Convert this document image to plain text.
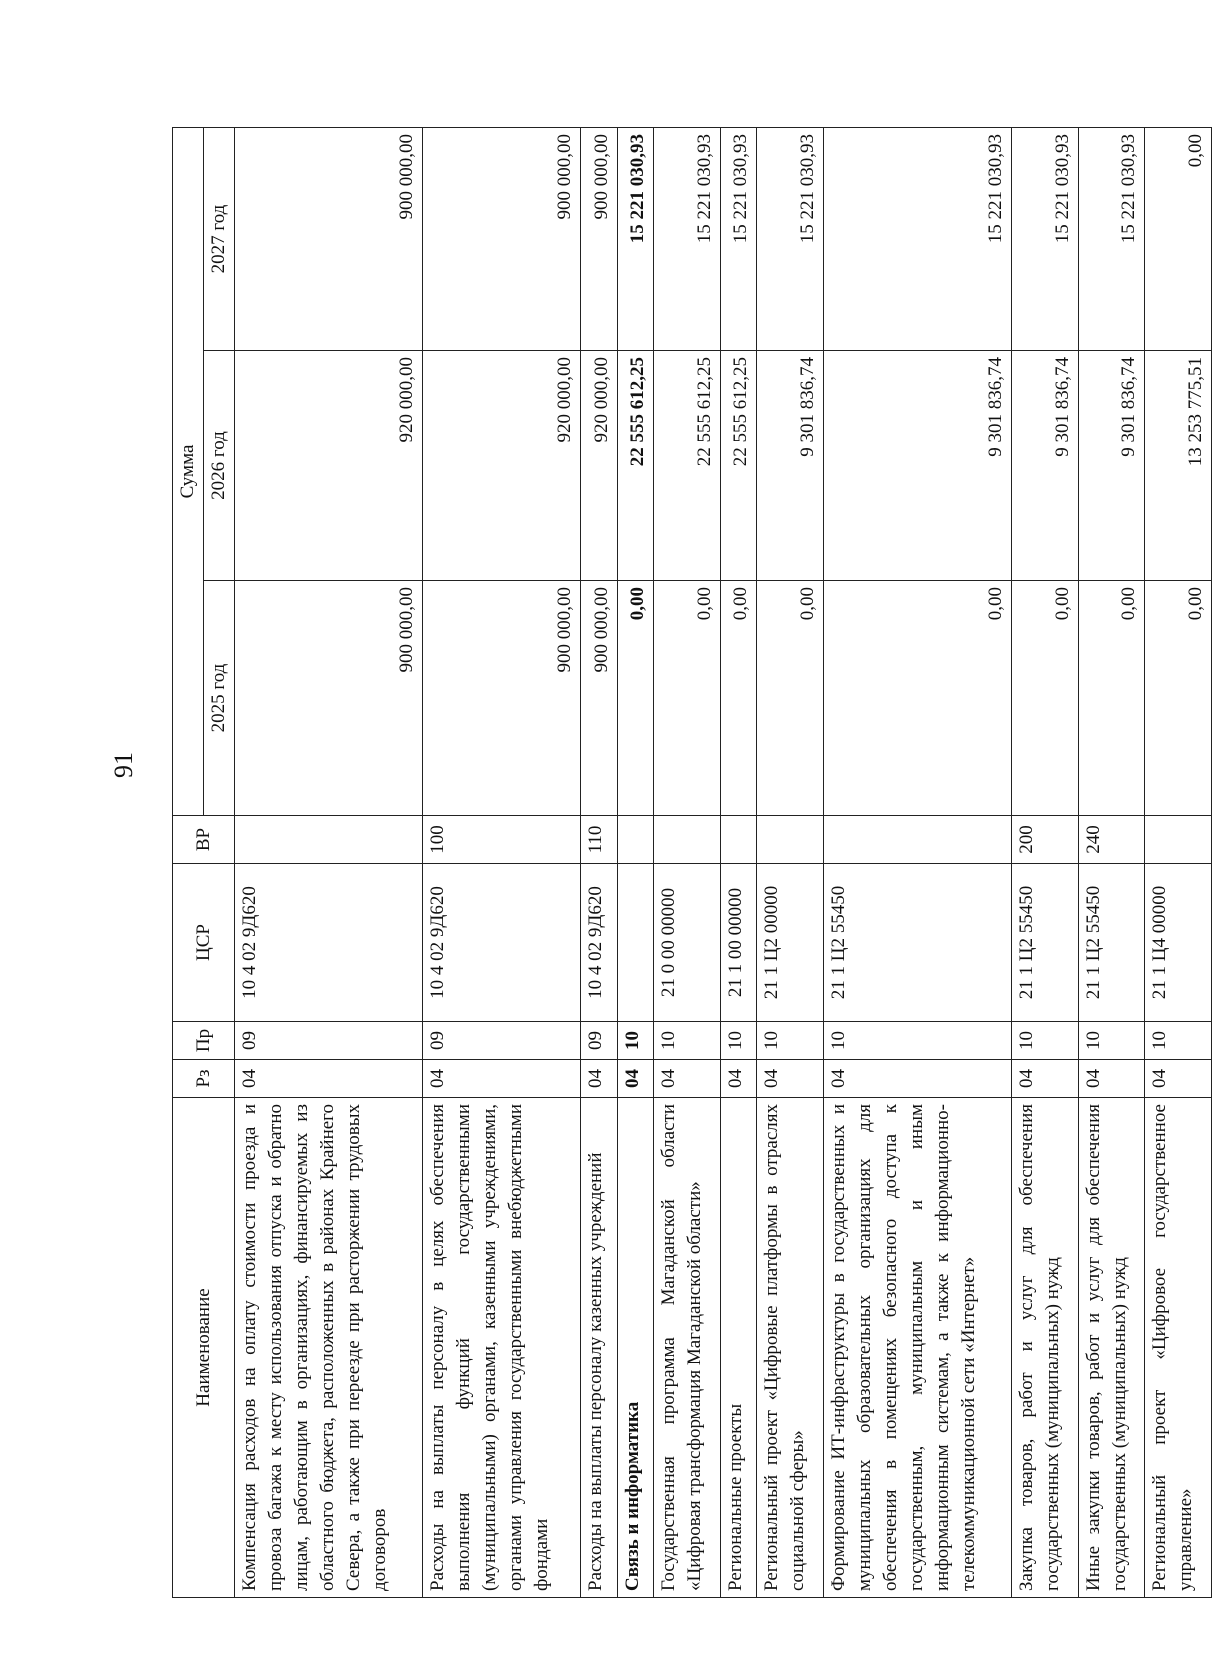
91
Наименование	Рз	Пр	ЦСР	ВР	Сумма		
					2025 год	2026 год	2027 год
Компенсация расходов на оплату стоимости проезда и провоза багажа к месту использования отпуска и обратно лицам, работающим в организациях, финансируемых из областного бюджета, расположенных в районах Крайнего Севера, а также при переезде при расторжении трудовых договоров	04	09	10 4 02 9Д620		900 000,00	920 000,00	900 000,00
Расходы на выплаты персоналу в целях обеспечения выполнения функций государственными (муниципальными) органами, казенными учреждениями, органами управления государственными внебюджетными фондами	04	09	10 4 02 9Д620	100	900 000,00	920 000,00	900 000,00
Расходы на выплаты персоналу казенных учреждений	04	09	10 4 02 9Д620	110	900 000,00	920 000,00	900 000,00
Связь и информатика	04	10			0,00	22 555 612,25	15 221 030,93
Государственная программа Магаданской области «Цифровая трансформация Магаданской области»	04	10	21 0 00 00000		0,00	22 555 612,25	15 221 030,93
Региональные проекты	04	10	21 1 00 00000		0,00	22 555 612,25	15 221 030,93
Региональный проект «Цифровые платформы в отраслях социальной сферы»	04	10	21 1 Ц2 00000		0,00	9 301 836,74	15 221 030,93
Формирование ИТ-инфраструктуры в государственных и муниципальных образовательных организациях для обеспечения в помещениях безопасного доступа к государственным, муниципальным и иным информационным системам, а также к информационно-телекоммуникационной сети «Интернет»	04	10	21 1 Ц2 55450		0,00	9 301 836,74	15 221 030,93
Закупка товаров, работ и услуг для обеспечения государственных (муниципальных) нужд	04	10	21 1 Ц2 55450	200	0,00	9 301 836,74	15 221 030,93
Иные закупки товаров, работ и услуг для обеспечения государственных (муниципальных) нужд	04	10	21 1 Ц2 55450	240	0,00	9 301 836,74	15 221 030,93
Региональный проект «Цифровое государственное управление»	04	10	21 1 Ц4 00000		0,00	13 253 775,51	0,00
